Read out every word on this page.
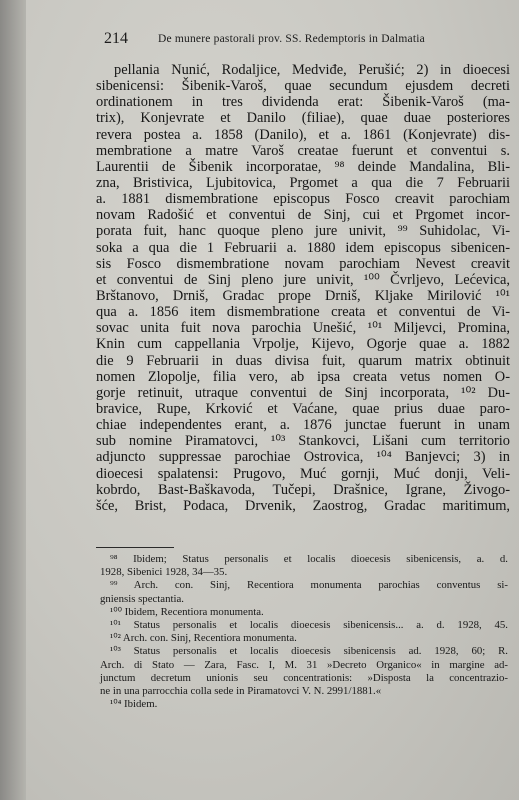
214	De munere pastorali prov. SS. Redemptoris in Dalmatia
pellania Nunić, Rodaljice, Medviđe, Perušić; 2) in dioecesi
sibenicensi: Šibenik-Varoš, quae secundum ejusdem decreti
ordinationem in tres dividenda erat: Šibenik-Varoš (ma-
trix), Konjevrate et Danilo (filiae), quae duae posteriores
revera postea a. 1858 (Danilo), et a. 1861 (Konjevrate) dis-
membratione a matre Varoš creatae fuerunt et conventui s.
Laurentii de Šibenik incorporatae, ⁹⁸ deinde Mandalina, Bli-
zna, Bristivica, Ljubitovica, Prgomet a qua die 7 Februarii
a. 1881 dismembratione episcopus Fosco creavit parochiam
novam Radošić et conventui de Sinj, cui et Prgomet incor-
porata fuit, hanc quoque pleno jure univit, ⁹⁹ Suhidolac, Vi-
soka a qua die 1 Februarii a. 1880 idem episcopus sibenicen-
sis Fosco dismembratione novam parochiam Nevest creavit
et conventui de Sinj pleno jure univit, ¹⁰⁰ Čvrljevo, Lećevica,
Brštanovo, Drniš, Gradac prope Drniš, Kljake Mirilović ¹⁰¹
qua a. 1856 item dismembratione creata et conventui de Vi-
sovac unita fuit nova parochia Unešić, ¹⁰¹ Miljevci, Promina,
Knin cum cappellania Vrpolje, Kijevo, Ogorje quae a. 1882
die 9 Februarii in duas divisa fuit, quarum matrix obtinuit
nomen Zlopolje, filia vero, ab ipsa creata vetus nomen O-
gorje retinuit, utraque conventui de Sinj incorporata, ¹⁰² Du-
bravice, Rupe, Krković et Vaćane, quae prius duae paro-
chiae independentes erant, a. 1876 junctae fuerunt in unam
sub nomine Piramatovci, ¹⁰³ Stankovci, Lišani cum territorio
adjuncto suppressae parochiae Ostrovica, ¹⁰⁴ Banjevci; 3) in
dioecesi spalatensi: Prugovo, Muć gornji, Muć donji, Veli-
kobrdo, Bast-Baškavoda, Tučepi, Drašnice, Igrane, Živogo-
šće, Brist, Podaca, Drvenik, Zaostrog, Gradac maritimum,
⁹⁸ Ibidem; Status personalis et localis dioecesis sibenicensis, a. d.
1928, Sibenici 1928, 34—35.
⁹⁹ Arch. con. Sinj, Recentiora monumenta parochias conventus si-
gniensis spectantia.
¹⁰⁰ Ibidem, Recentiora monumenta.
¹⁰¹ Status personalis et localis dioecesis sibenicensis... a. d. 1928, 45.
¹⁰² Arch. con. Sinj, Recentiora monumenta.
¹⁰³ Status personalis et localis dioecesis sibenicensis ad. 1928, 60; R.
Arch. di Stato — Zara, Fasc. I, M. 31 »Decreto Organico« in margine ad-
junctum decretum unionis seu concentrationis: »Disposta la concentrazio-
ne in una parrocchia colla sede in Piramatovci V. N. 2991/1881.«
¹⁰⁴ Ibidem.
